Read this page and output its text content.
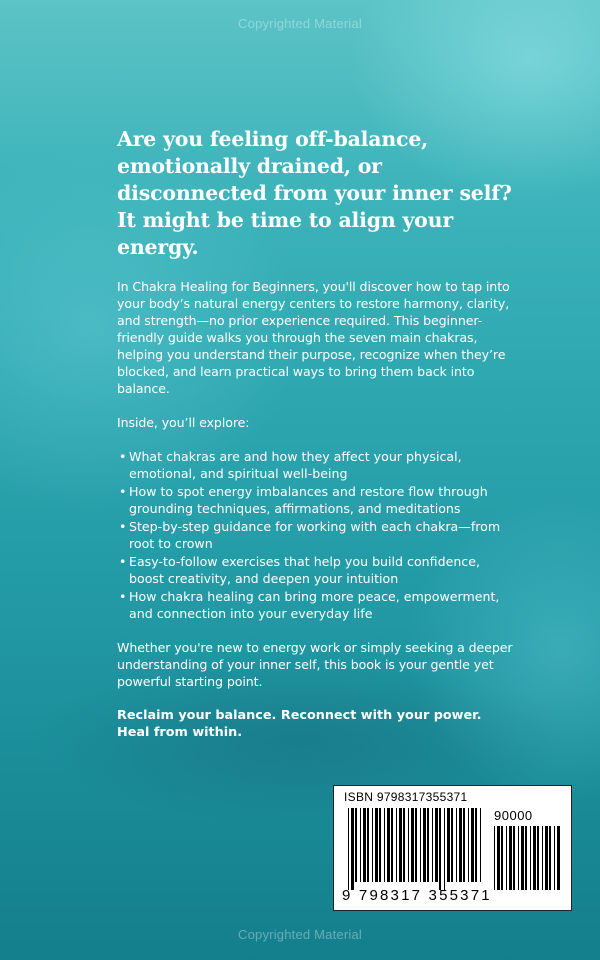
Copyrighted Material

Are you feeling off-balance, emotionally drained, or disconnected from your inner self? It might be time to align your energy.

In Chakra Healing for Beginners, you'll discover how to tap into your body’s natural energy centers to restore harmony, clarity, and strength—no prior experience required. This beginner-friendly guide walks you through the seven main chakras, helping you understand their purpose, recognize when they’re blocked, and learn practical ways to bring them back into balance.

Inside, you’ll explore:

• What chakras are and how they affect your physical, emotional, and spiritual well-being
• How to spot energy imbalances and restore flow through grounding techniques, affirmations, and meditations
• Step-by-step guidance for working with each chakra—from root to crown
• Easy-to-follow exercises that help you build confidence, boost creativity, and deepen your intuition
• How chakra healing can bring more peace, empowerment, and connection into your everyday life

Whether you're new to energy work or simply seeking a deeper understanding of your inner self, this book is your gentle yet powerful starting point.

Reclaim your balance. Reconnect with your power.

Heal from within.

ISBN 9798317355371
90000
9 798317 355371
Copyrighted Material
